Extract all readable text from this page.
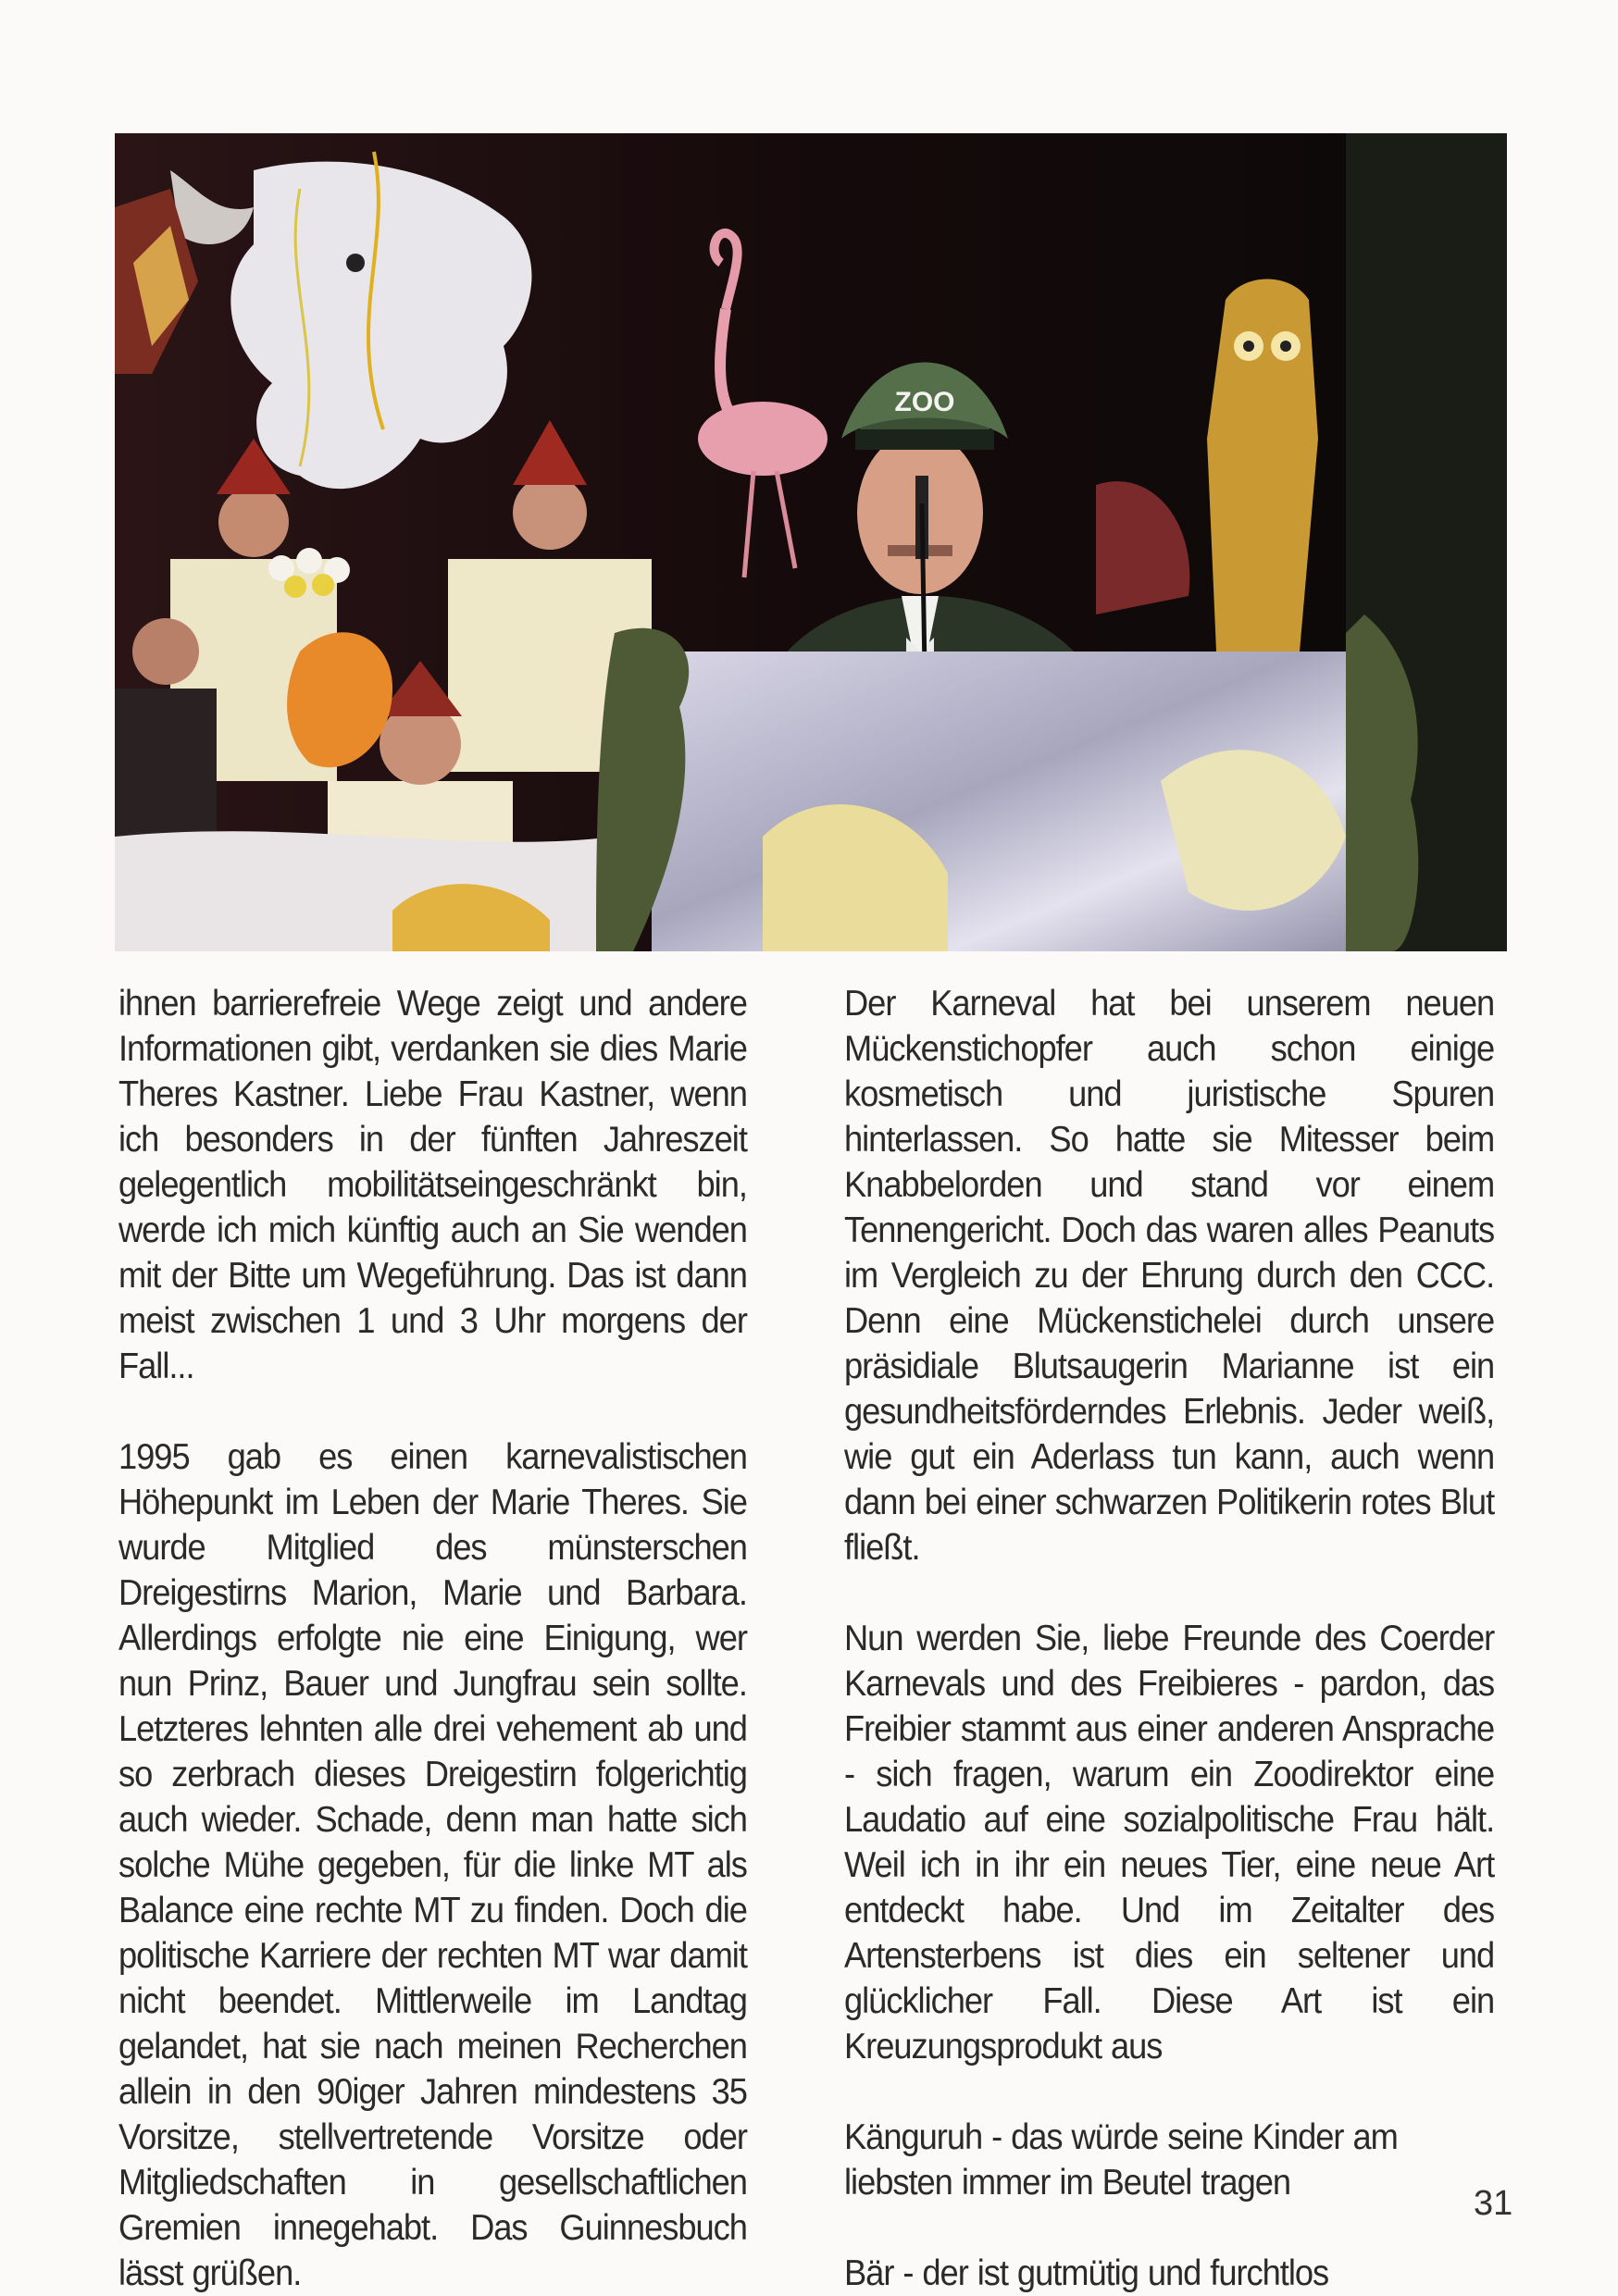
ZOO

ihnen barrierefreie Wege zeigt und andere Informationen gibt, verdanken sie dies Marie Theres Kastner. Liebe Frau Kastner, wenn ich besonders in der fünften Jahreszeit gelegentlich mobilitätseingeschränkt bin, werde ich mich künftig auch an Sie wenden mit der Bitte um Wegeführung. Das ist dann meist zwischen 1 und 3 Uhr morgens der Fall...

1995 gab es einen karnevalistischen Höhepunkt im Leben der Marie Theres. Sie wurde Mitglied des münsterschen Dreigestirns Marion, Marie und Barbara. Allerdings erfolgte nie eine Einigung, wer nun Prinz, Bauer und Jungfrau sein sollte. Letzteres lehnten alle drei vehement ab und so zerbrach dieses Dreigestirn folgerichtig auch wieder. Schade, denn man hatte sich solche Mühe gegeben, für die linke MT als Balance eine rechte MT zu finden. Doch die politische Karriere der rechten MT war damit nicht beendet. Mittlerweile im Landtag gelandet, hat sie nach meinen Recherchen allein in den 90iger Jahren mindestens 35 Vorsitze, stellvertretende Vorsitze oder Mitgliedschaften in gesellschaftlichen Gremien innegehabt. Das Guinnesbuch lässt grüßen.

Der Karneval hat bei unserem neuen Mückenstichopfer auch schon einige kosmetisch und juristische Spuren hinterlassen. So hatte sie Mitesser beim Knabbelorden und stand vor einem Tennengericht. Doch das waren alles Peanuts im Vergleich zu der Ehrung durch den CCC. Denn eine Mückenstichelei durch unsere präsidiale Blutsaugerin Marianne ist ein gesundheitsförderndes Erlebnis. Jeder weiß, wie gut ein Aderlass tun kann, auch wenn dann bei einer schwarzen Politikerin rotes Blut fließt.

Nun werden Sie, liebe Freunde des Coerder Karnevals und des Freibieres - pardon, das Freibier stammt aus einer anderen Ansprache - sich fragen, warum ein Zoodirektor eine Laudatio auf eine sozialpolitische Frau hält. Weil ich in ihr ein neues Tier, eine neue Art entdeckt habe. Und im Zeitalter des Artensterbens ist dies ein seltener und glücklicher Fall. Diese Art ist ein Kreuzungsprodukt aus

Känguruh - das würde seine Kinder am liebsten immer im Beutel tragen

Bär - der ist gutmütig und furchtlos

31
